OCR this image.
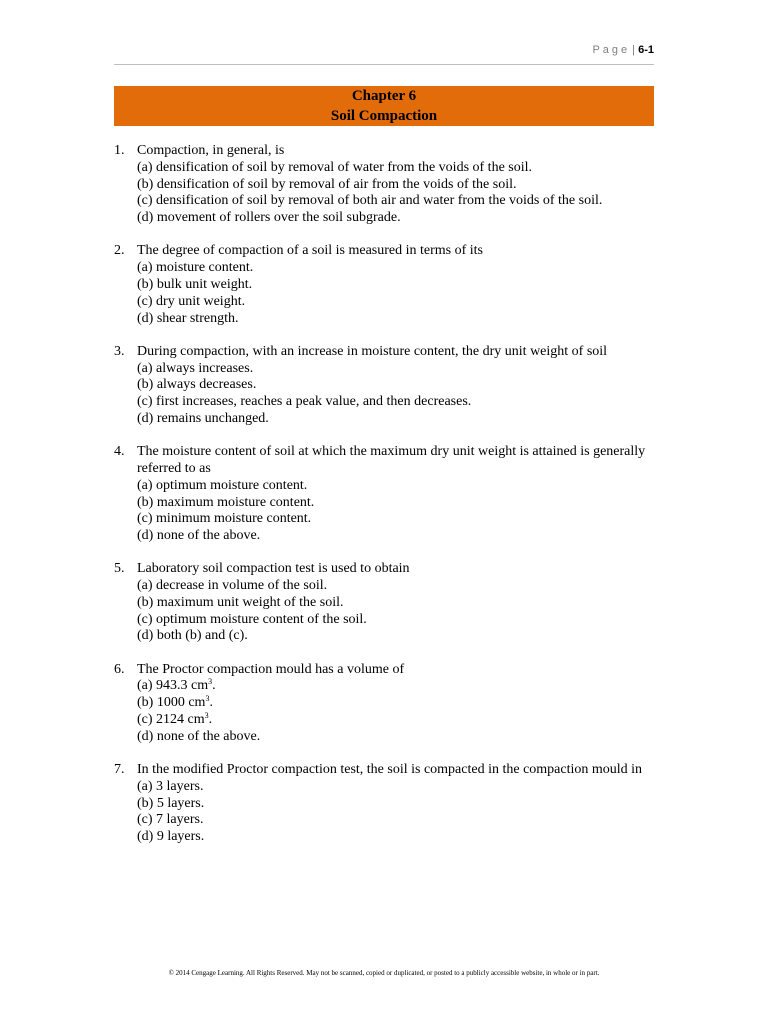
Page | 6-1
Chapter 6
Soil Compaction
1. Compaction, in general, is
(a) densification of soil by removal of water from the voids of the soil.
(b) densification of soil by removal of air from the voids of the soil.
(c) densification of soil by removal of both air and water from the voids of the soil.
(d) movement of rollers over the soil subgrade.
2. The degree of compaction of a soil is measured in terms of its
(a) moisture content.
(b) bulk unit weight.
(c) dry unit weight.
(d) shear strength.
3. During compaction, with an increase in moisture content, the dry unit weight of soil
(a) always increases.
(b) always decreases.
(c) first increases, reaches a peak value, and then decreases.
(d) remains unchanged.
4. The moisture content of soil at which the maximum dry unit weight is attained is generally
referred to as
(a) optimum moisture content.
(b) maximum moisture content.
(c) minimum moisture content.
(d) none of the above.
5. Laboratory soil compaction test is used to obtain
(a) decrease in volume of the soil.
(b) maximum unit weight of the soil.
(c) optimum moisture content of the soil.
(d) both (b) and (c).
6. The Proctor compaction mould has a volume of
(a) 943.3 $cm^3$.
(b) 1000 $cm^3$.
(c) 2124 $cm^3$.
(d) none of the above.
7. In the modified Proctor compaction test, the soil is compacted in the compaction mould in
(a) 3 layers.
(b) 5 layers.
(c) 7 layers.
(d) 9 layers.
© 2014 Cengage Learning. All Rights Reserved. May not be scanned, copied or duplicated, or posted to a publicly accessible website, in whole or in part.
